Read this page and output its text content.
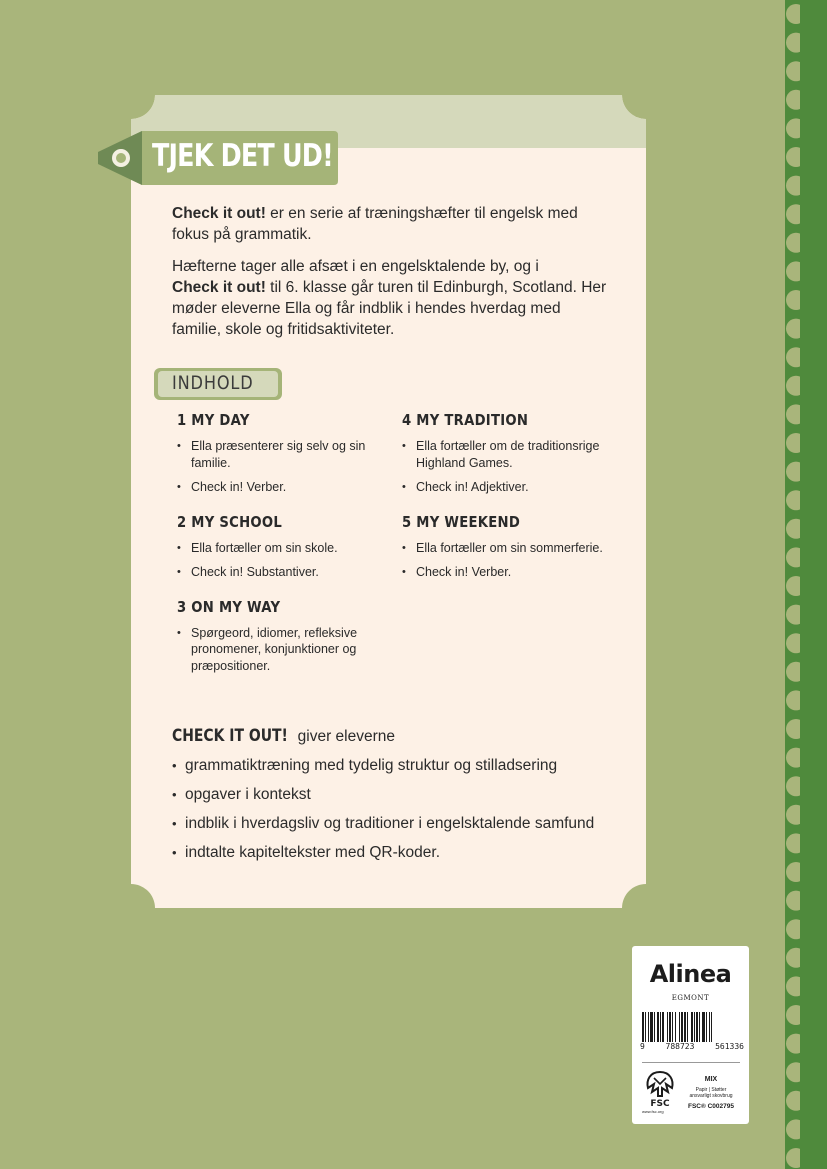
TJEK DET UD!
Check it out! er en serie af træningshæfter til engelsk med fokus på grammatik.
Hæfterne tager alle afsæt i en engelsktalende by, og i
Check it out! til 6. klasse går turen til Edinburgh, Scotland. Her møder eleverne Ella og får indblik i hendes hverdag med familie, skole og fritidsaktiviteter.
INDHOLD
1 MY DAY
• Ella præsenterer sig selv og sin familie.
• Check in! Verber.
2 MY SCHOOL
• Ella fortæller om sin skole.
• Check in! Substantiver.
3 ON MY WAY
• Spørgeord, idiomer, refleksive pronomener, konjunktioner og præpositioner.
4 MY TRADITION
• Ella fortæller om de traditionsrige Highland Games.
• Check in! Adjektiver.
5 MY WEEKEND
• Ella fortæller om sin sommerferie.
• Check in! Verber.
CHECK IT OUT! giver eleverne
• grammatiktræning med tydelig struktur og stilladsering
• opgaver i kontekst
• indblik i hverdagsliv og traditioner i engelsktalende samfund
• indtalte kapiteltekster med QR-koder.
Alinea
EGMONT
9	788723	561336
FSC
MIX
Papir | Støtter
ansvarligt skovbrug
FSC® C002795
www.fsc.org
